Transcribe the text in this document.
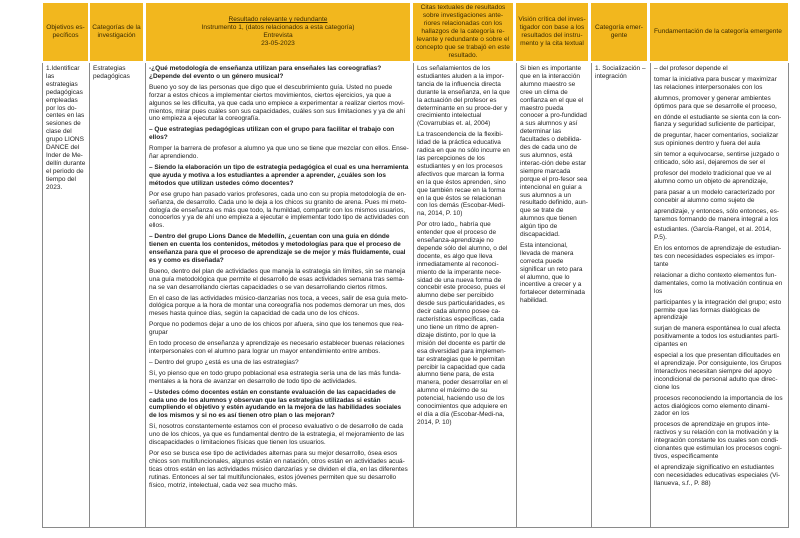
Objetivos es-pecíficos
Categorías de la investigación
Resultado relevante y redundante
Instrumento 1, (datos relacionados a esta categoría)
Entrevista
23-05-2023
Citas textuales de resultados sobre investigaciones ante-riores relacionadas con los hallazgos de la categoría re-levante y redundante o sobre el concepto que se trabajó en este resultado.
Visión crítica del inves-tigador con base a los resultados del instru-mento y la cita textual
Categoría emer-gente
Fundamentación de la categoría emergente

1.Identificar las estrategias pedagógicas empleadas por los do-centes en las sesiones de clase del grupo LIONS DANCE del Inder de Me-dellín durante el periodo de tiempo del 2023.

Estrategias pedagógicas

-¿Qué metodología de enseñanza utilizan para enseñales las coreografías? ¿Depende del evento o un género musical?

Bueno yo soy de las personas que digo que el descubrimiento guía. Usted no puede forzar a estos chicos a implementar ciertos movimientos, ciertos ejercicios, ya que a algunos se les dificulta, ya que cada uno empiece a experimentar a realizar ciertos movi-mientos, mirar pues cuáles son sus capacidades, cuáles son sus limitaciones y ya de ahí uno empieza a ejecutar la coreografía.

– Que estrategias pedagógicas utilizan con el grupo para facilitar el trabajo con ellos?

Romper la barrera de profesor a alumno ya que uno se tiene que mezclar con ellos. Ense-ñar aprendiendo.

– Siendo la elaboración un tipo de estrategia pedagógica el cual es una herramienta que ayuda y motiva a los estudiantes a aprender a aprender, ¿cuáles son los métodos que utilizan ustedes cómo docentes?

Por ese grupo han pasado varios profesores, cada uno con su propia metodología de en-señanza, de desarrollo. Cada uno le deja a los chicos su granito de arena. Pues mi meto-dología de enseñanza es más que todo, la humildad, compartir con los mismos usuarios, conocerlos y ya de ahí uno empieza a ejecutar e implementar todo tipo de actividades con ellos.

– Dentro del grupo Lions Dance de Medellín, ¿cuentan con una guía en dónde tienen en cuenta los contenidos, métodos y metodologías para que el proceso de enseñanza para que el proceso de aprendizaje se de mejor y más fluidamente, cual es y como es diseñada?

Bueno, dentro del plan de actividades que maneja la estrategia sin límites, sin se maneja una guía metodológica que permite el desarrollo de esas actividades semana tras sema-na se van desarrollando ciertas capacidades o se van desarrollando ciertos ritmos.

En el caso de las actividades músico-danzarías nos toca, a veces, salir de esa guía meto-dológica porque a la hora de montar una coreografía nos podemos demorar un mes, dos meses hasta quince días, según la capacidad de cada uno de los chicos.

Porque no podemos dejar a uno de los chicos por afuera, sino que los tenemos que rea-grupar

En todo proceso de enseñanza y aprendizaje es necesario establecer buenas relaciones interpersonales con el alumno para lograr un mayor entendimiento entre ambos.

– Dentro del grupo ¿está es una de las estrategias?

Sí, yo pienso que en todo grupo poblacional esa estrategia sería una de las más funda-mentales a la hora de avanzar en desarrollo de todo tipo de actividades.

– Ustedes cómo docentes están en constante evaluación de las capacidades de cada uno de los alumnos y observan que las estrategias utilizadas si están cumpliendo el objetivo y estén ayudando en la mejora de las habilidades sociales de los mismos y si no es así tienen otro plan o las mejoran?

Sí, nosotros constantemente estamos con el proceso evaluativo o de desarrollo de cada uno de los chicos, ya que es fundamental dentro de la estrategia, el mejoramiento de las discapacidades o limitaciones físicas que tienen los usuarios.

Por eso se busca ese tipo de actividades alternas para su mejor desarrollo, ósea esos chicos son multifuncionales, algunos están en natación, otros están en actividades acuá-ticas otros están en las actividades músico danzarías y se dividen el día, en las diferentes rutinas. Entonces al ser tal multifuncionales, estos jóvenes permiten que su desarrollo físico, motriz, intelectual, cada vez sea mucho más.

Los señalamientos de los estudiantes aluden a la impor-tancia de la influencia directa durante la enseñanza, en la que la actuación del profesor es determinante en su proce-der y crecimiento intelectual (Covarrubias et. al, 2004)

La trascendencia de la flexibi-lidad de la práctica educativa radica en que no sólo incurre en las percepciones de los estudiantes y en los procesos afectivos que marcan la forma en la que éstos aprenden, sino que también recae en la forma en la que éstos se relacionan con los demás (Escobar-Medi-na, 2014, P. 10)

Por otro lado,, habría que entender que el proceso de enseñanza-aprendizaje no depende sólo del alumno, o del docente, es algo que lleva inmediatamente al reconoci-miento de la imperante nece-sidad de una nueva forma de concebir este proceso, pues el alumno debe ser percibido desde sus particularidades, es decir cada alumno posee ca-racterísticas específicas, cada uno tiene un ritmo de apren-dizaje distinto, por lo que la misión del docente es partir de esa diversidad para implemen-tar estrategias que le permitan percibir la capacidad que cada alumno tiene para, de esta manera, poder desarrollar en el alumno el máximo de su potencial, haciendo uso de los conocimientos que adquiere en el día a día (Escobar-Medi-na, 2014, P. 10)

Si bien es importante que en la interacción alumno maestro se cree un clima de confianza en el que el maestro pueda conocer a pro-fundidad a sus alumnos y así determinar las facultades o debilida-des de cada uno de sus alumnos, está interac-ción debe estar siempre marcada porque el pro-fesor sea intencional en guiar a sus alumnos a un resultado definido, aun-que se trate de alumnos que tienen algún tipo de discapacidad.

Esta intencional, llevada de manera correcta puede significar un reto para el alumno, que lo incentive a crecer y a fortalecer determinada habilidad.

1. Socialización – integración

– del profesor depende el

tomar la iniciativa para buscar y maximizar las relaciones interpersonales con los

alumnos, promover y generar ambientes óptimos para que se desarrolle el proceso,

en dónde el estudiante se sienta con la con-fianza y seguridad suficiente de participar,

de preguntar, hacer comentarios, socializar sus opiniones dentro y fuera del aula

sin temor a equivocarse, sentirse juzgado o criticado, sólo así, dejaremos de ser el

profesor del modelo tradicional que ve al alumno como un objeto de aprendizaje,

para pasar a un modelo caracterizado por concebir al alumno como sujeto de

aprendizaje, y entonces, sólo entonces, es-taremos formando de manera integral a los

estudiantes. (García-Rangel, et al. 2014, P.5).

En los entornos de aprendizaje de estudian-tes con necesidades especiales es impor-tante

relacionar a dicho contexto elementos fun-damentales, como la motivación continua en los

participantes y la integración del grupo; esto permite que las formas dialógicas de aprendizaje

surjan de manera espontánea lo cual afecta positivamente a todos los estudiantes parti-cipantes en

especial a los que presentan dificultades en el aprendizaje. Por consiguiente, los Grupos Interactivos necesitan siempre del apoyo incondicional de personal adulto que direc-cione los

procesos reconociendo la importancia de los actos dialógicos como elemento dinami-zador en los

procesos de aprendizaje en grupos inte-ractivos y su relación con la motivación y la integración constante los cuales son condi-cionantes que estimulan los procesos cogni-tivos, específicamente

el aprendizaje significativo en estudiantes con necesidades educativas especiales (Vi-llanueva, s.f., P. 88)
